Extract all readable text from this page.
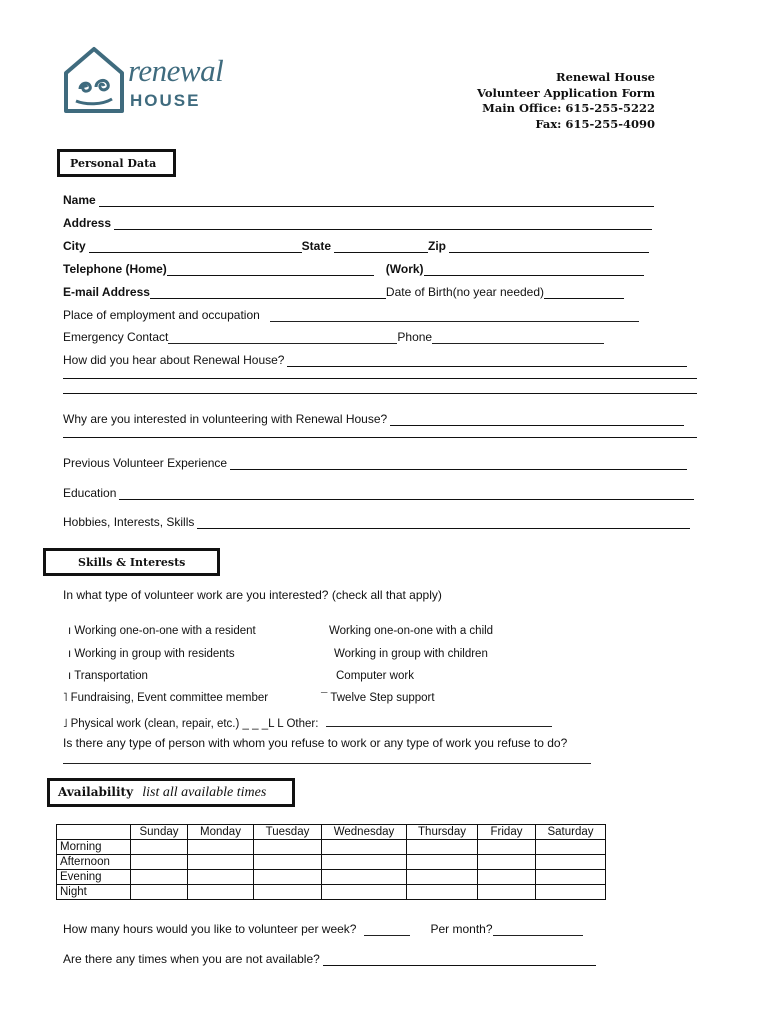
renewal
HOUSE
Renewal House
Volunteer Application Form
Main Office: 615-255-5222
Fax: 615-255-4090
Personal Data
Name
Address
City	State	Zip
Telephone (Home)	(Work)
E-mail Address	Date of Birth(no year needed)
Place of employment and occupation
Emergency Contact	Phone
How did you hear about Renewal House?
Why are you interested in volunteering with Renewal House?
Previous Volunteer Experience
Education
Hobbies, Interests, Skills
Skills & Interests
In what type of volunteer work are you interested? (check all that apply)
ı Working one-on-one with a resident
ı Working in group with residents
ı Transportation
˥ Fundraising, Event committee member
˩ Physical work (clean, repair, etc.) _ _ _L L Other:
Working one-on-one with a child
Working in group with children
Computer work
¯ Twelve Step support
Is there any type of person with whom you refuse to work or any type of work you refuse to do?
Availability list all available times
	Sunday	Monday	Tuesday	Wednesday	Thursday	Friday	Saturday
Morning							
Afternoon							
Evening							
Night							
How many hours would you like to volunteer per week?	Per month?
Are there any times when you are not available?
